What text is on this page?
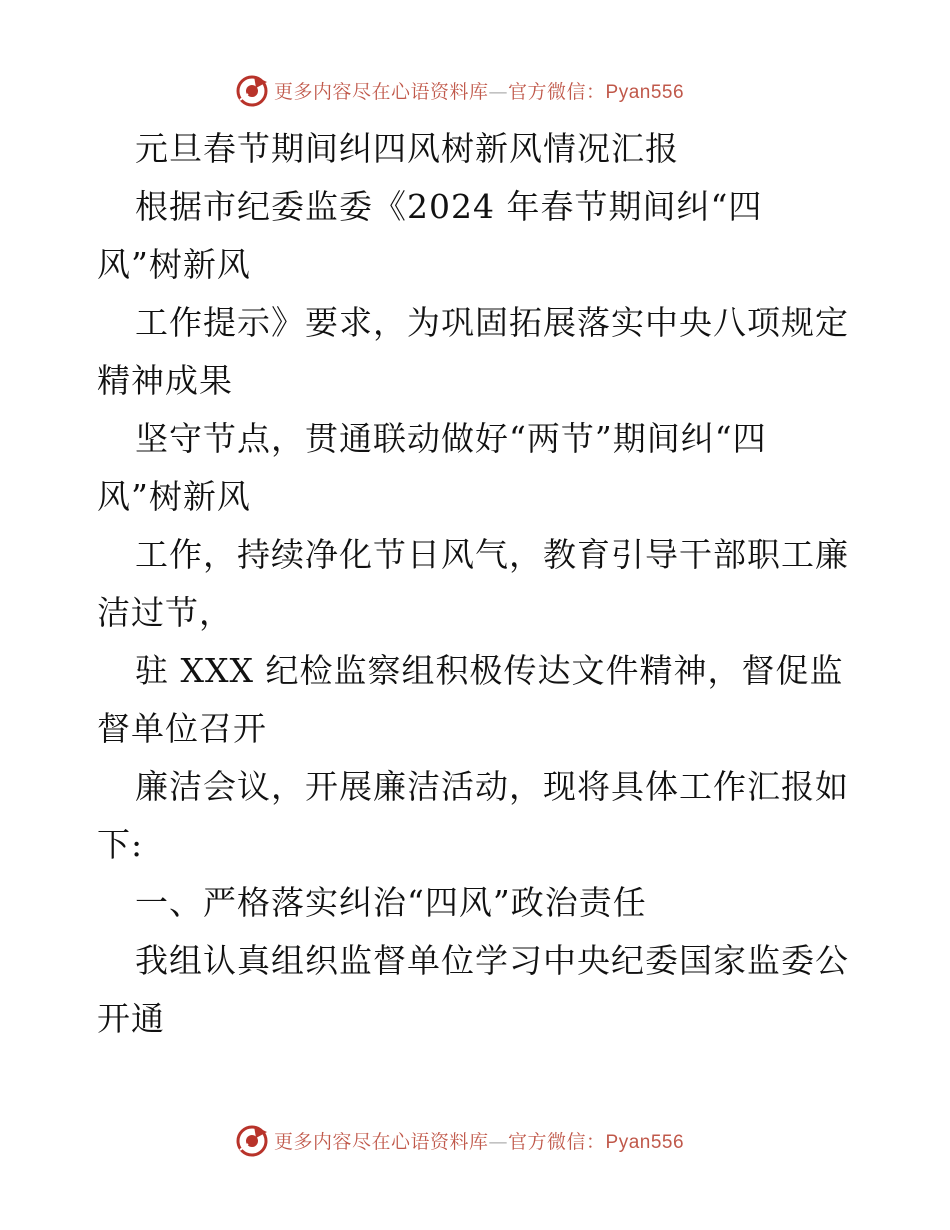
更多内容尽在心语资料库—官方微信：Pyan556
元旦春节期间纠四风树新风情况汇报
根据市纪委监委《2024 年春节期间纠“四
风”树新风
工作提示》要求，为巩固拓展落实中央八项规定
精神成果
坚守节点，贯通联动做好“两节”期间纠“四
风”树新风
工作，持续净化节日风气，教育引导干部职工廉
洁过节，
驻 XXX 纪检监察组积极传达文件精神，督促监
督单位召开
廉洁会议，开展廉洁活动，现将具体工作汇报如
下:
一、严格落实纠治“四风”政治责任
我组认真组织监督单位学习中央纪委国家监委公
开通
更多内容尽在心语资料库—官方微信：Pyan556
